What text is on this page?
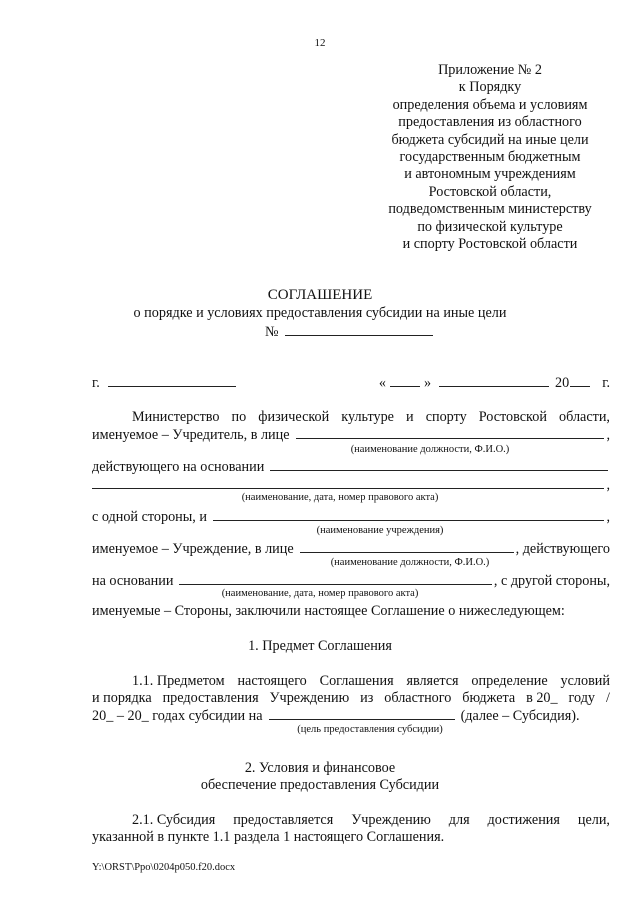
12
Приложение № 2
к Порядку
определения объема и условиям
предоставления из областного
бюджета субсидий на иные цели
государственным бюджетным
и автономным учреждениям
Ростовской области,
подведомственным министерству
по физической культуре
и спорту Ростовской области
СОГЛАШЕНИЕ
о порядке и условиях предоставления субсидии на иные цели
№
г.	«	»	20 г.
Министерство по физической культуре и спорту Ростовской области,
именуемое – Учредитель, в лице	,
(наименование должности, Ф.И.О.)
действующего на основании
,
(наименование, дата, номер правового акта)
с одной стороны, и	,
(наименование учреждения)
именуемое – Учреждение, в лице	, действующего
(наименование должности, Ф.И.О.)
на основании	, с другой стороны,
(наименование, дата, номер правового акта)
именуемые – Стороны, заключили настоящее Соглашение о нижеследующем:
1. Предмет Соглашения
1.1. Предметом настоящего Соглашения является определение условий
и порядка предоставления Учреждению из областного бюджета в 20_ году /
20_ – 20_ годах субсидии на	(далее – Субсидия).
(цель предоставления субсидии)
2. Условия и финансовое
обеспечение предоставления Субсидии
2.1. Субсидия предоставляется Учреждению для достижения цели,
указанной в пункте 1.1 раздела 1 настоящего Соглашения.
Y:\ORST\Ppo\0204p050.f20.docx
